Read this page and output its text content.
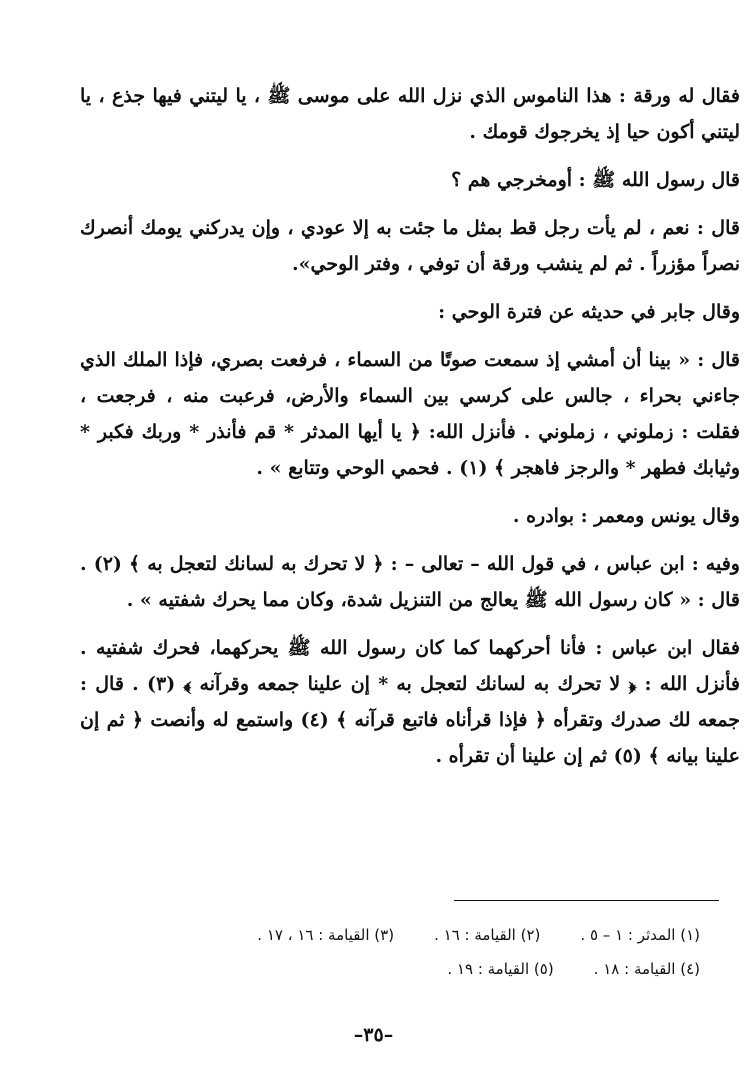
فقال له ورقة : هذا الناموس الذي نزل الله على موسى ﷺ ، يا ليتني فيها جذع ، يا ليتني أكون حيا إذ يخرجوك قومك .

قال رسول الله ﷺ : أومخرجي هم ؟

قال : نعم ، لم يأت رجل قط بمثل ما جئت به إلا عودي ، وإن يدركني يومك أنصرك نصراً مؤزراً . ثم لم ينشب ورقة أن توفي ، وفتر الوحي».

وقال جابر في حديثه عن فترة الوحي :

قال : « بينا أن أمشي إذ سمعت صوتًا من السماء ، فرفعت بصري، فإذا الملك الذي جاءني بحراء ، جالس على كرسي بين السماء والأرض، فرعبت منه ، فرجعت ، فقلت : زملوني ، زملوني . فأنزل الله: ﴿ يا أيها المدثر * قم فأنذر * وربك فكبر * وثيابك فطهر * والرجز فاهجر ﴾ (١) . فحمي الوحي وتتابع » .

وقال يونس ومعمر : بوادره .

وفيه : ابن عباس ، في قول الله – تعالى – : ﴿ لا تحرك به لسانك لتعجل به ﴾ (٢) . قال : « كان رسول الله ﷺ يعالج من التنزيل شدة، وكان مما يحرك شفتيه » .

فقال ابن عباس : فأنا أحركهما كما كان رسول الله ﷺ يحركهما، فحرك شفتيه . فأنزل الله : ﴿ لا تحرك به لسانك لتعجل به * إن علينا جمعه وقرآنه ﴾ (٣) . قال : جمعه لك صدرك وتقرأه ﴿ فإذا قرأناه فاتبع قرآنه ﴾ (٤) واستمع له وأنصت ﴿ ثم إن علينا بيانه ﴾ (٥) ثم إن علينا أن تقرأه .

(١) المدثر : ١ – ٥ .
(٢) القيامة : ١٦ .
(٣) القيامة : ١٦ ، ١٧ .
(٤) القيامة : ١٨ .
(٥) القيامة : ١٩ .
–٣٥–
